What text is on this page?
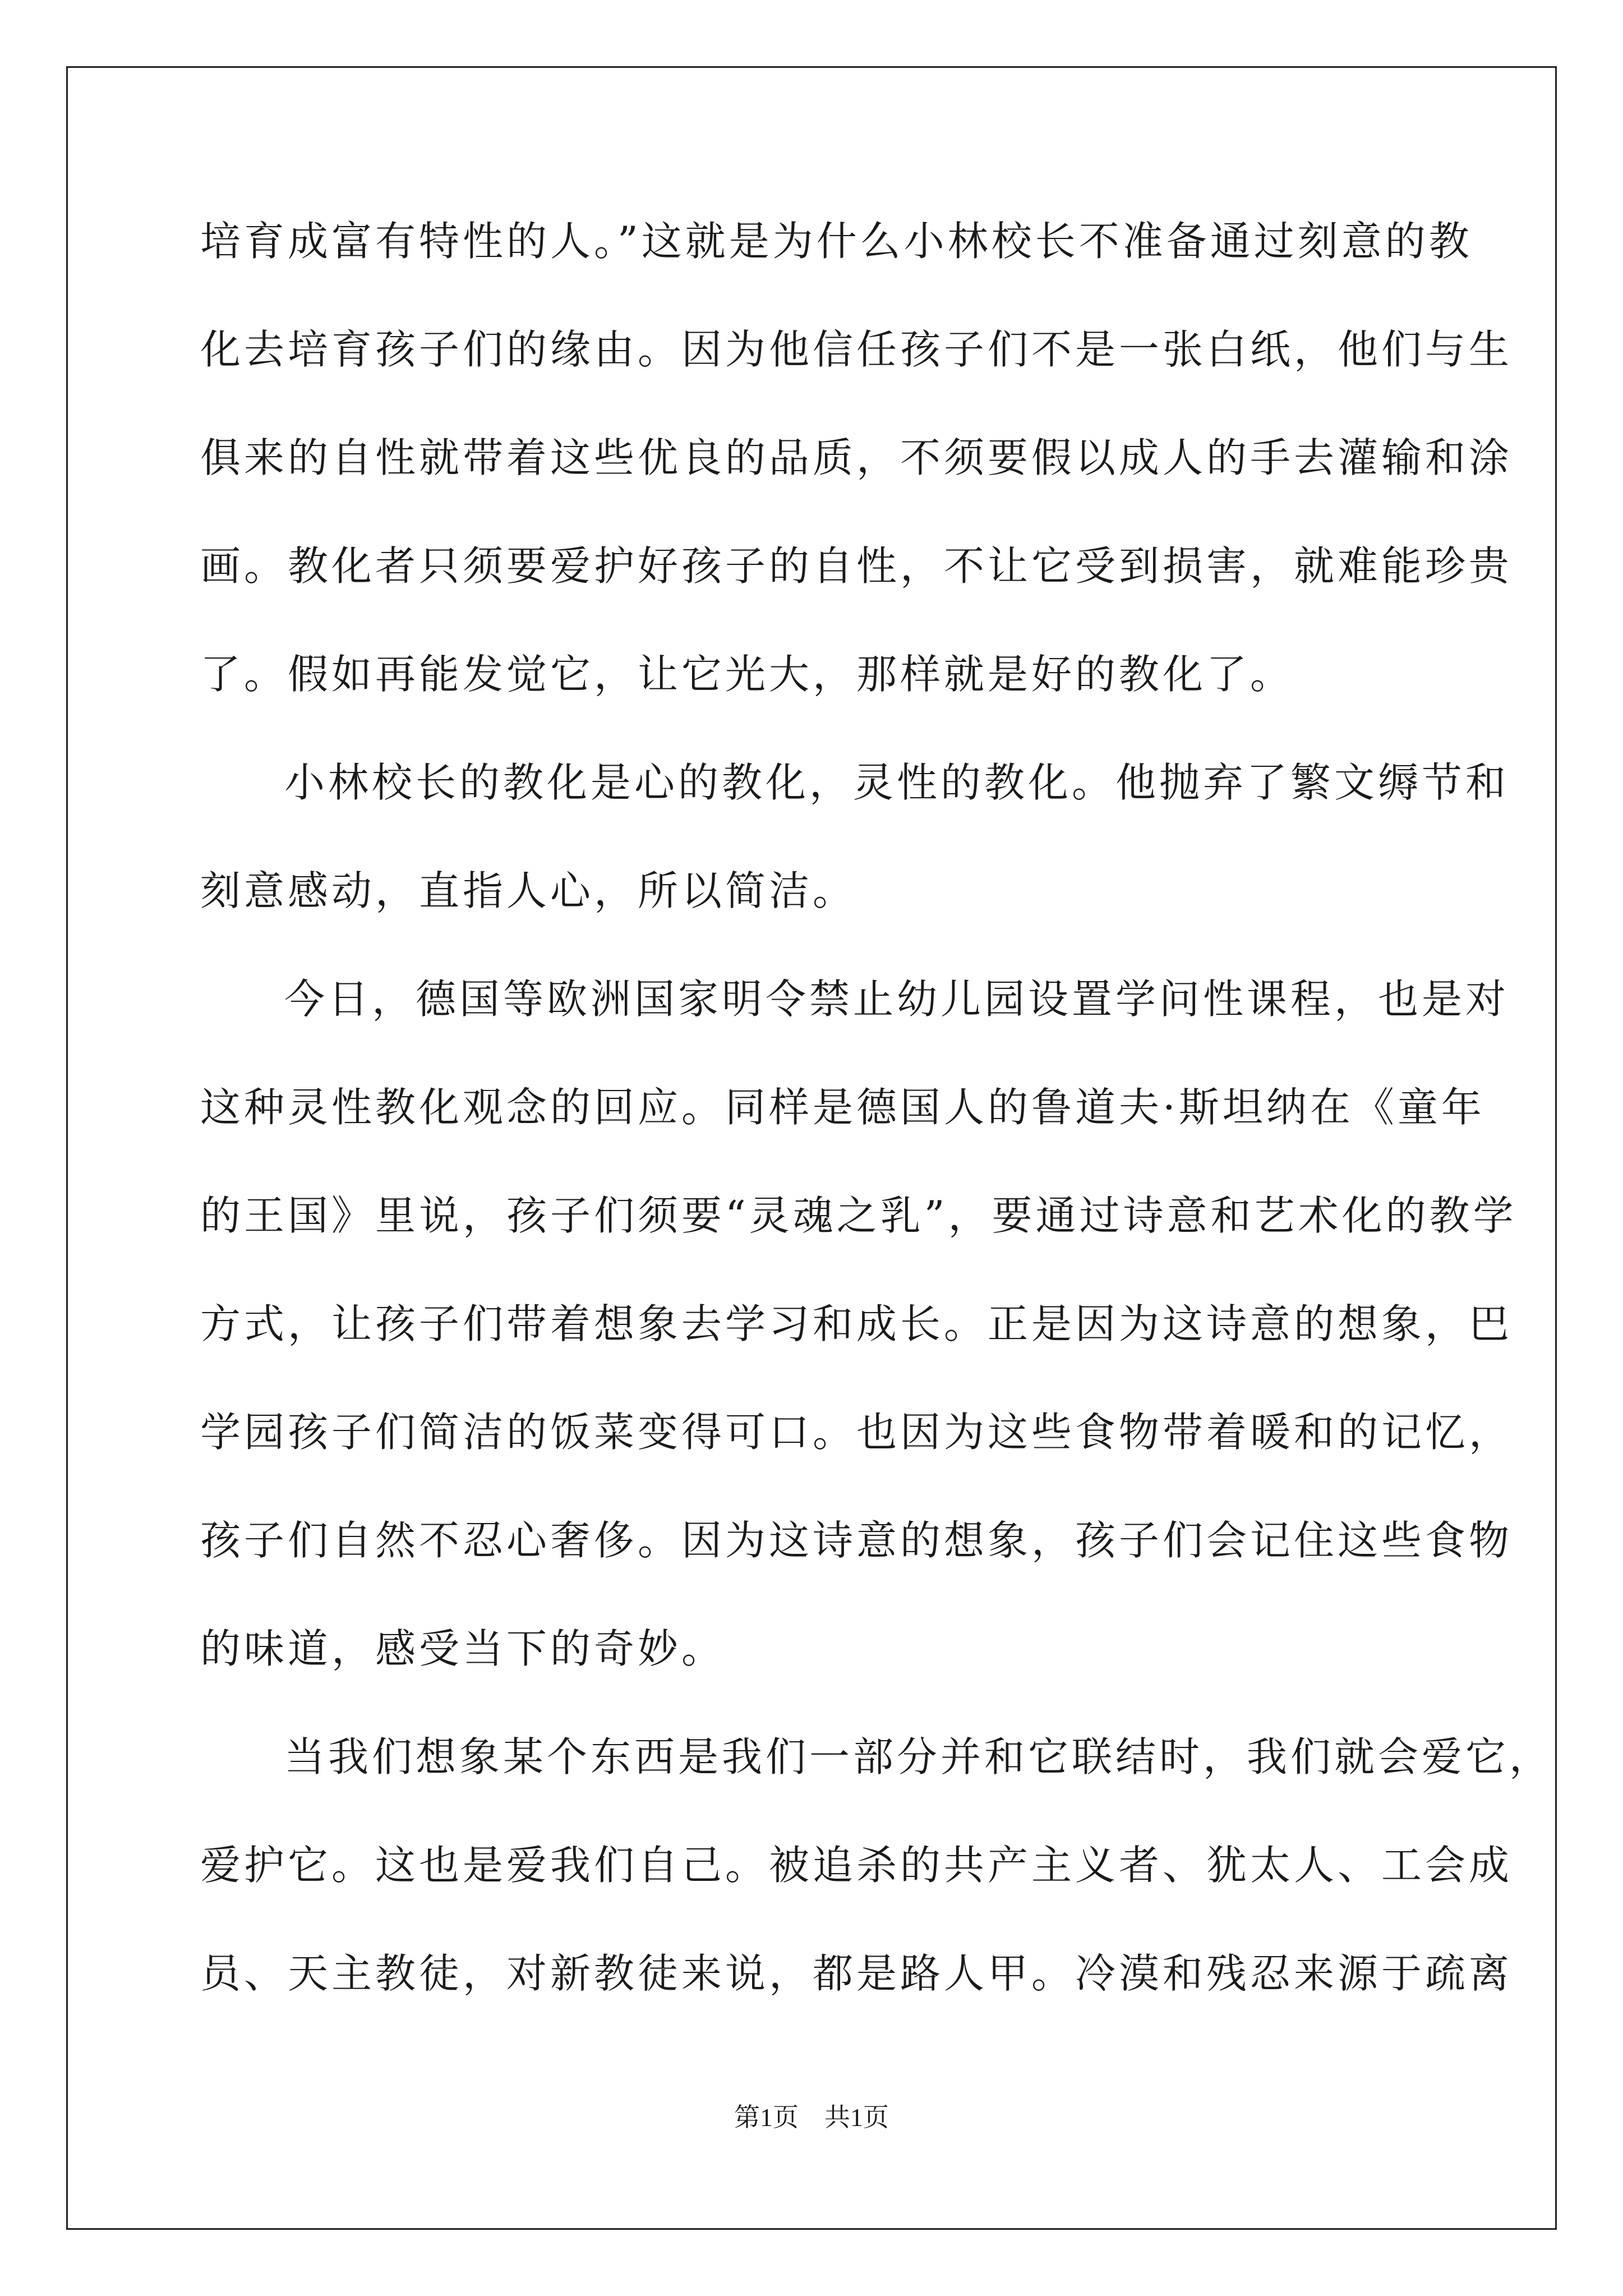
培育成富有特性的人。”这就是为什么小林校长不准备通过刻意的教
化去培育孩子们的缘由。因为他信任孩子们不是一张白纸，他们与生
俱来的自性就带着这些优良的品质，不须要假以成人的手去灌输和涂
画。教化者只须要爱护好孩子的自性，不让它受到损害，就难能珍贵
了。假如再能发觉它，让它光大，那样就是好的教化了。
小林校长的教化是心的教化，灵性的教化。他抛弃了繁文缛节和
刻意感动，直指人心，所以简洁。
今日，德国等欧洲国家明令禁止幼儿园设置学问性课程，也是对
这种灵性教化观念的回应。同样是德国人的鲁道夫·斯坦纳在《童年
的王国》里说，孩子们须要“灵魂之乳”，要通过诗意和艺术化的教学
方式，让孩子们带着想象去学习和成长。正是因为这诗意的想象，巴
学园孩子们简洁的饭菜变得可口。也因为这些食物带着暖和的记忆，
孩子们自然不忍心奢侈。因为这诗意的想象，孩子们会记住这些食物
的味道，感受当下的奇妙。
当我们想象某个东西是我们一部分并和它联结时，我们就会爱它，
爱护它。这也是爱我们自己。被追杀的共产主义者、犹太人、工会成
员、天主教徒，对新教徒来说，都是路人甲。冷漠和残忍来源于疏离
第1页 共1页
